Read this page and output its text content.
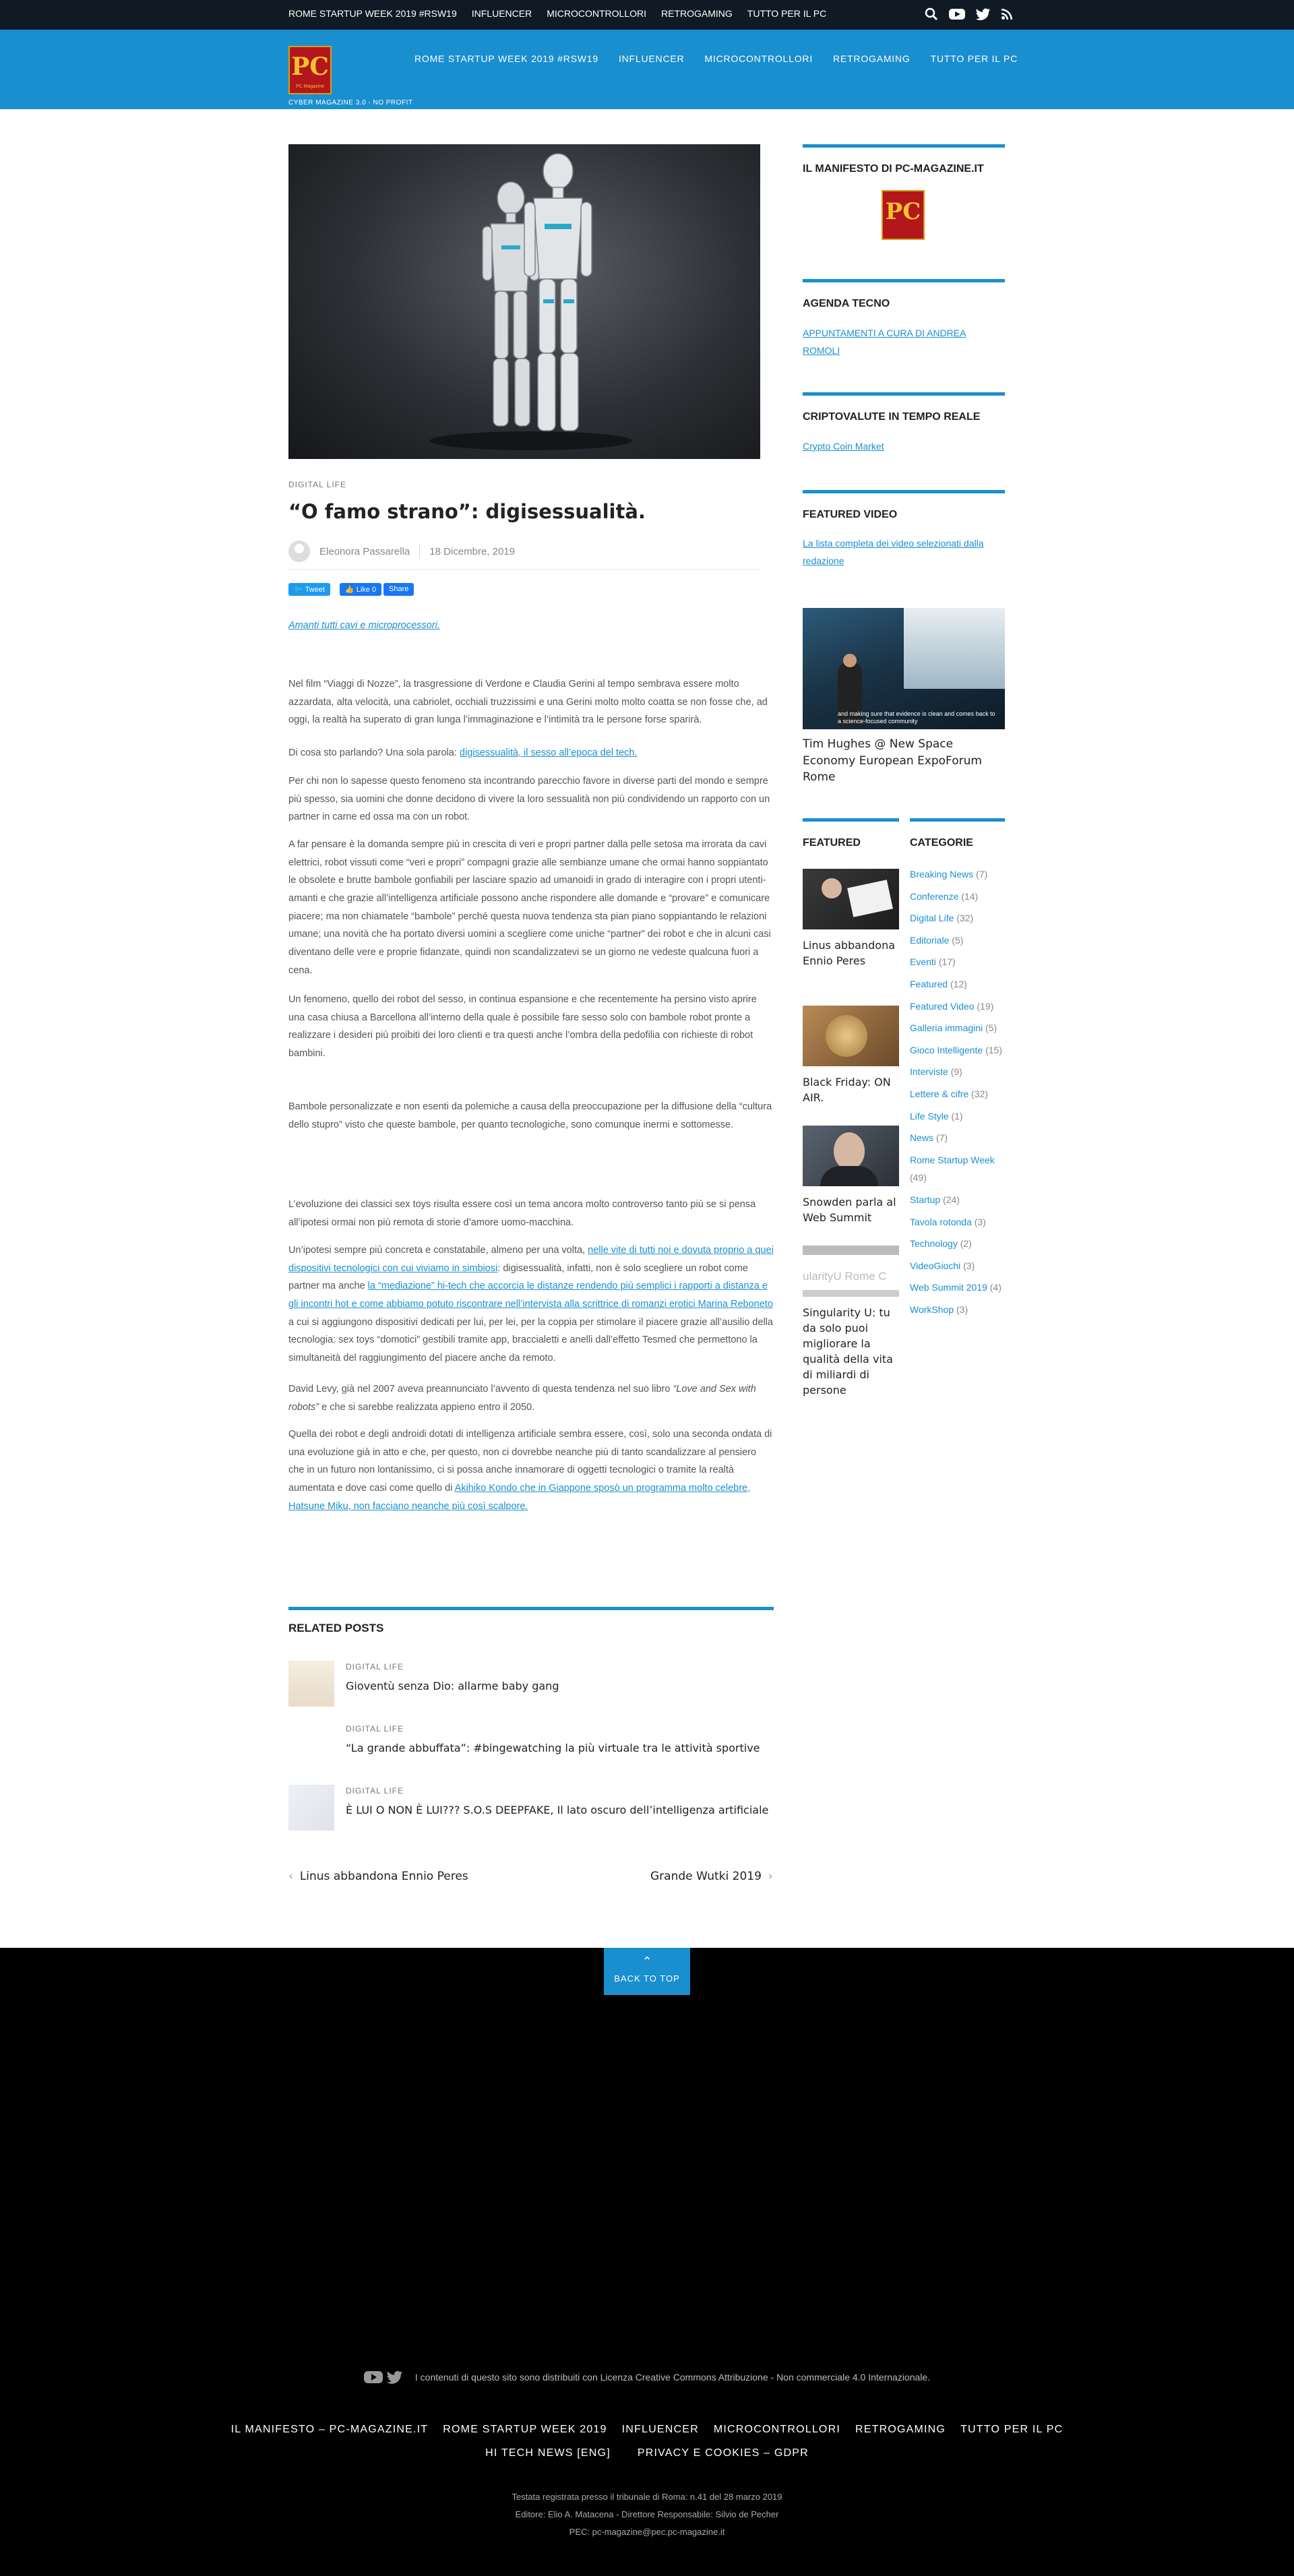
ROME STARTUP WEEK 2019 #RSW19 INFLUENCER MICROCONTROLLORI RETROGAMING TUTTO PER IL PC
PC
PC Magazine
CYBER MAGAZINE 3.0 - NO PROFIT
ROME STARTUP WEEK 2019 #RSW19 INFLUENCER MICROCONTROLLORI RETROGAMING TUTTO PER IL PC
DIGITAL LIFE
“O famo strano”: digisessualità.
Eleonora Passarella 18 Dicembre, 2019
🐦 Tweet	👍 Like 0	Share
Amanti tutti cavi e microprocessori.

Nel film “Viaggi di Nozze”, la trasgressione di Verdone e Claudia Gerini al tempo sembrava essere molto azzardata, alta velocità, una cabriolet, occhiali truzzissimi e una Gerini molto molto coatta se non fosse che, ad oggi, la realtà ha superato di gran lunga l’immaginazione e l’intimità tra le persone forse sparirà.

Di cosa sto parlando? Una sola parola: digisessualità, il sesso all’epoca del tech.

Per chi non lo sapesse questo fenomeno sta incontrando parecchio favore in diverse parti del mondo e sempre più spesso, sia uomini che donne decidono di vivere la loro sessualità non più condividendo un rapporto con un partner in carne ed ossa ma con un robot.

A far pensare è la domanda sempre più in crescita di veri e propri partner dalla pelle setosa ma irrorata da cavi elettrici, robot vissuti come “veri e propri” compagni grazie alle sembianze umane che ormai hanno soppiantato le obsolete e brutte bambole gonfiabili per lasciare spazio ad umanoidi in grado di interagire con i propri utenti-amanti e che grazie all’intelligenza artificiale possono anche rispondere alle domande e “provare” e comunicare piacere; ma non chiamatele “bambole” perché questa nuova tendenza sta pian piano soppiantando le relazioni umane; una novità che ha portato diversi uomini a scegliere come uniche “partner” dei robot e che in alcuni casi diventano delle vere e proprie fidanzate, quindi non scandalizzatevi se un giorno ne vedeste qualcuna fuori a cena.

Un fenomeno, quello dei robot del sesso, in continua espansione e che recentemente ha persino visto aprire una casa chiusa a Barcellona all’interno della quale è possibile fare sesso solo con bambole robot pronte a realizzare i desideri più proibiti dei loro clienti e tra questi anche l’ombra della pedofilia con richieste di robot bambini.

Bambole personalizzate e non esenti da polemiche a causa della preoccupazione per la diffusione della “cultura dello stupro” visto che queste bambole, per quanto tecnologiche, sono comunque inermi e sottomesse.

L’evoluzione dei classici sex toys risulta essere così un tema ancora molto controverso tanto più se si pensa all’ipotesi ormai non più remota di storie d’amore uomo-macchina.

Un’ipotesi sempre più concreta e constatabile, almeno per una volta, nelle vite di tutti noi e dovuta proprio a quei dispositivi tecnologici con cui viviamo in simbiosi: digisessualità, infatti, non è solo scegliere un robot come partner ma anche la “mediazione” hi-tech che accorcia le distanze rendendo più semplici i rapporti a distanza e gli incontri hot e come abbiamo potuto riscontrare nell’intervista alla scrittrice di romanzi erotici Marina Reboneto a cui si aggiungono dispositivi dedicati per lui, per lei, per la coppia per stimolare il piacere grazie all’ausilio della tecnologia: sex toys “domotici” gestibili tramite app, braccialetti e anelli dall’effetto Tesmed che permettono la simultaneità del raggiungimento del piacere anche da remoto.

David Levy, già nel 2007 aveva preannunciato l’avvento di questa tendenza nel suo libro “Love and Sex with robots” e che si sarebbe realizzata appieno entro il 2050.

Quella dei robot e degli androidi dotati di intelligenza artificiale sembra essere, così, solo una seconda ondata di una evoluzione già in atto e che, per questo, non ci dovrebbe neanche più di tanto scandalizzare al pensiero che in un futuro non lontanissimo, ci si possa anche innamorare di oggetti tecnologici o tramite la realtà aumentata e dove casi come quello di Akihiko Kondo che in Giappone sposò un programma molto celebre, Hatsune Miku, non facciano neanche più così scalpore.

RELATED POSTS
DIGITAL LIFE
Gioventù senza Dio: allarme baby gang
DIGITAL LIFE
“La grande abbuffata”: #bingewatching la più virtuale tra le attività sportive
DIGITAL LIFE
È LUI O NON È LUI??? S.O.S DEEPFAKE, Il lato oscuro dell’intelligenza artificiale
‹ Linus abbandona Ennio Peres	Grande Wutki 2019 ›
IL MANIFESTO DI PC-MAGAZINE.IT
PC
AGENDA TECNO
APPUNTAMENTI A CURA DI ANDREA ROMOLI
CRIPTOVALUTE IN TEMPO REALE
Crypto Coin Market
FEATURED VIDEO
La lista completa dei video selezionati dalla redazione
and making sure that evidence is clean and comes back to a science-focused community
Tim Hughes @ New Space Economy European ExpoForum Rome
FEATURED	CATEGORIE
Linus abbandona Ennio Peres
Black Friday: ON AIR.
Snowden parla al Web Summit
ularityU Rome C
Singularity U: tu da solo puoi migliorare la qualità della vita di miliardi di persone
Breaking News (7)
Conferenze (14)
Digital Life (32)
Editoriale (5)
Eventi (17)
Featured (12)
Featured Video (19)
Galleria immagini (5)
Gioco Intelligente (15)
Interviste (9)
Lettere & cifre (32)
Life Style (1)
News (7)
Rome Startup Week (49)
Startup (24)
Tavola rotonda (3)
Technology (2)
VideoGiochi (3)
Web Summit 2019 (4)
WorkShop (3)
⌃
BACK TO TOP
I contenuti di questo sito sono distribuiti con Licenza Creative Commons Attribuzione - Non commerciale 4.0 Internazionale.
IL MANIFESTO – PC-MAGAZINE.IT ROME STARTUP WEEK 2019 INFLUENCER MICROCONTROLLORI RETROGAMING TUTTO PER IL PC
HI TECH NEWS [ENG]	PRIVACY E COOKIES – GDPR
Testata registrata presso il tribunale di Roma: n.41 del 28 marzo 2019
Editore: Elio A. Matacena - Direttore Responsabile: Silvio de Pecher
PEC: pc-magazine@pec.pc-magazine.it
